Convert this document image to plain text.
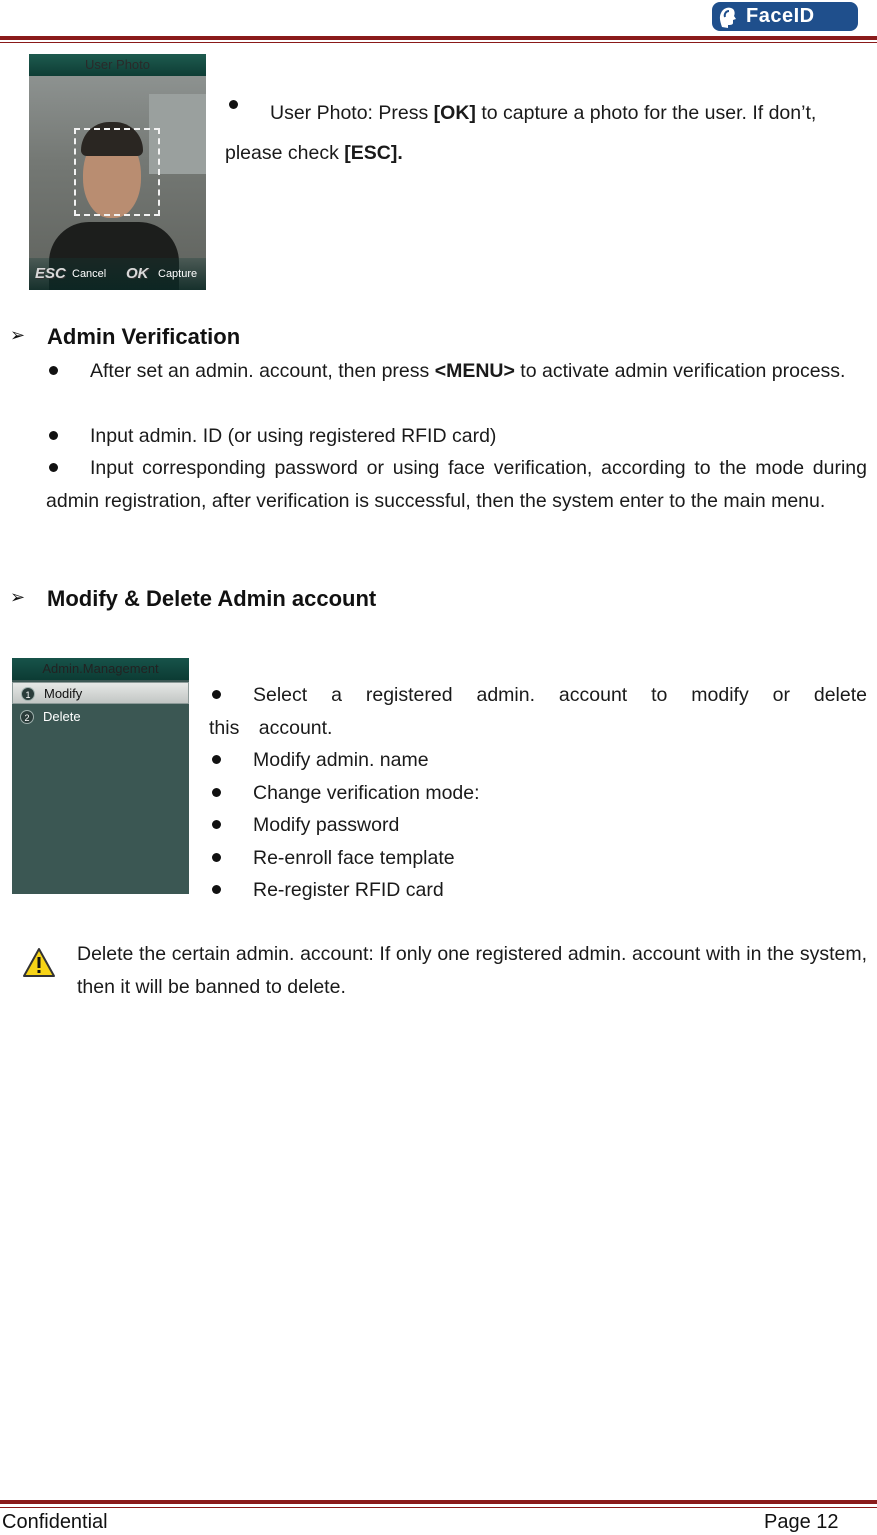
FaceID
User Photo
ESC Cancel OK Capture
User Photo: Press [OK] to capture a photo for the user. If don’t, please check [ESC].
➢ Admin Verification
After set an admin. account, then press <MENU> to activate admin verification process.
Input admin. ID (or using registered RFID card)
Input corresponding password or using face verification, according to the mode during admin registration, after verification is successful, then the system enter to the main menu.
➢ Modify & Delete Admin account
Admin.Management
1	Modify
2	Delete
Select a registered admin. account to modify or delete this account.
Modify admin. name
Change verification mode:
Modify password
Re-enroll face template
Re-register RFID card
Delete the certain admin. account: If only one registered admin. account with in the system, then it will be banned to delete.
Confidential	Page 12
